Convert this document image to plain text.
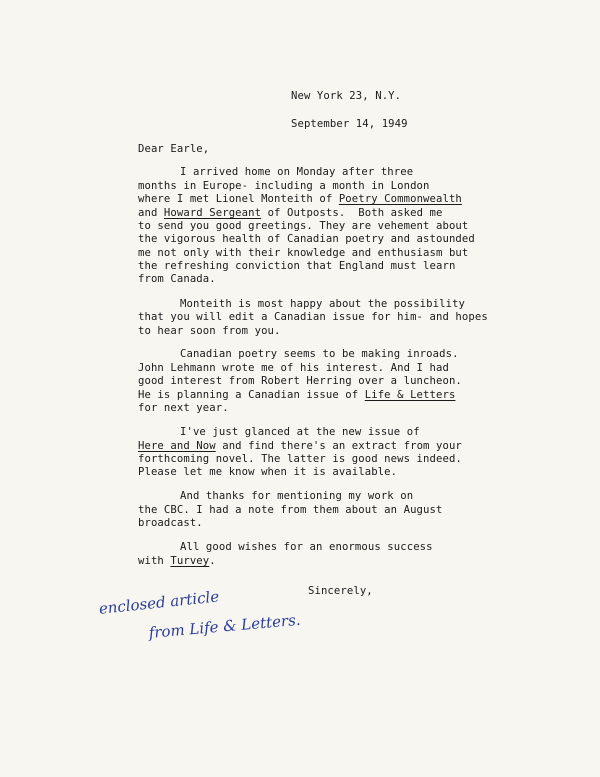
New York 23, N.Y.
September 14, 1949
Dear Earle,
I arrived home on Monday after three
months in Europe- including a month in London
where I met Lionel Monteith of Poetry Commonwealth
and Howard Sergeant of Outposts.  Both asked me
to send you good greetings. They are vehement about
the vigorous health of Canadian poetry and astounded
me not only with their knowledge and enthusiasm but
the refreshing conviction that England must learn
from Canada.
Monteith is most happy about the possibility
that you will edit a Canadian issue for him- and hopes
to hear soon from you.
Canadian poetry seems to be making inroads.
John Lehmann wrote me of his interest. And I had
good interest from Robert Herring over a luncheon.
He is planning a Canadian issue of Life & Letters
for next year.
I've just glanced at the new issue of
Here and Now and find there's an extract from your
forthcoming novel. The latter is good news indeed.
Please let me know when it is available.
And thanks for mentioning my work on
the CBC. I had a note from them about an August
broadcast.
All good wishes for an enormous success
with Turvey.
Sincerely,
enclosed article
from Life & Letters.
